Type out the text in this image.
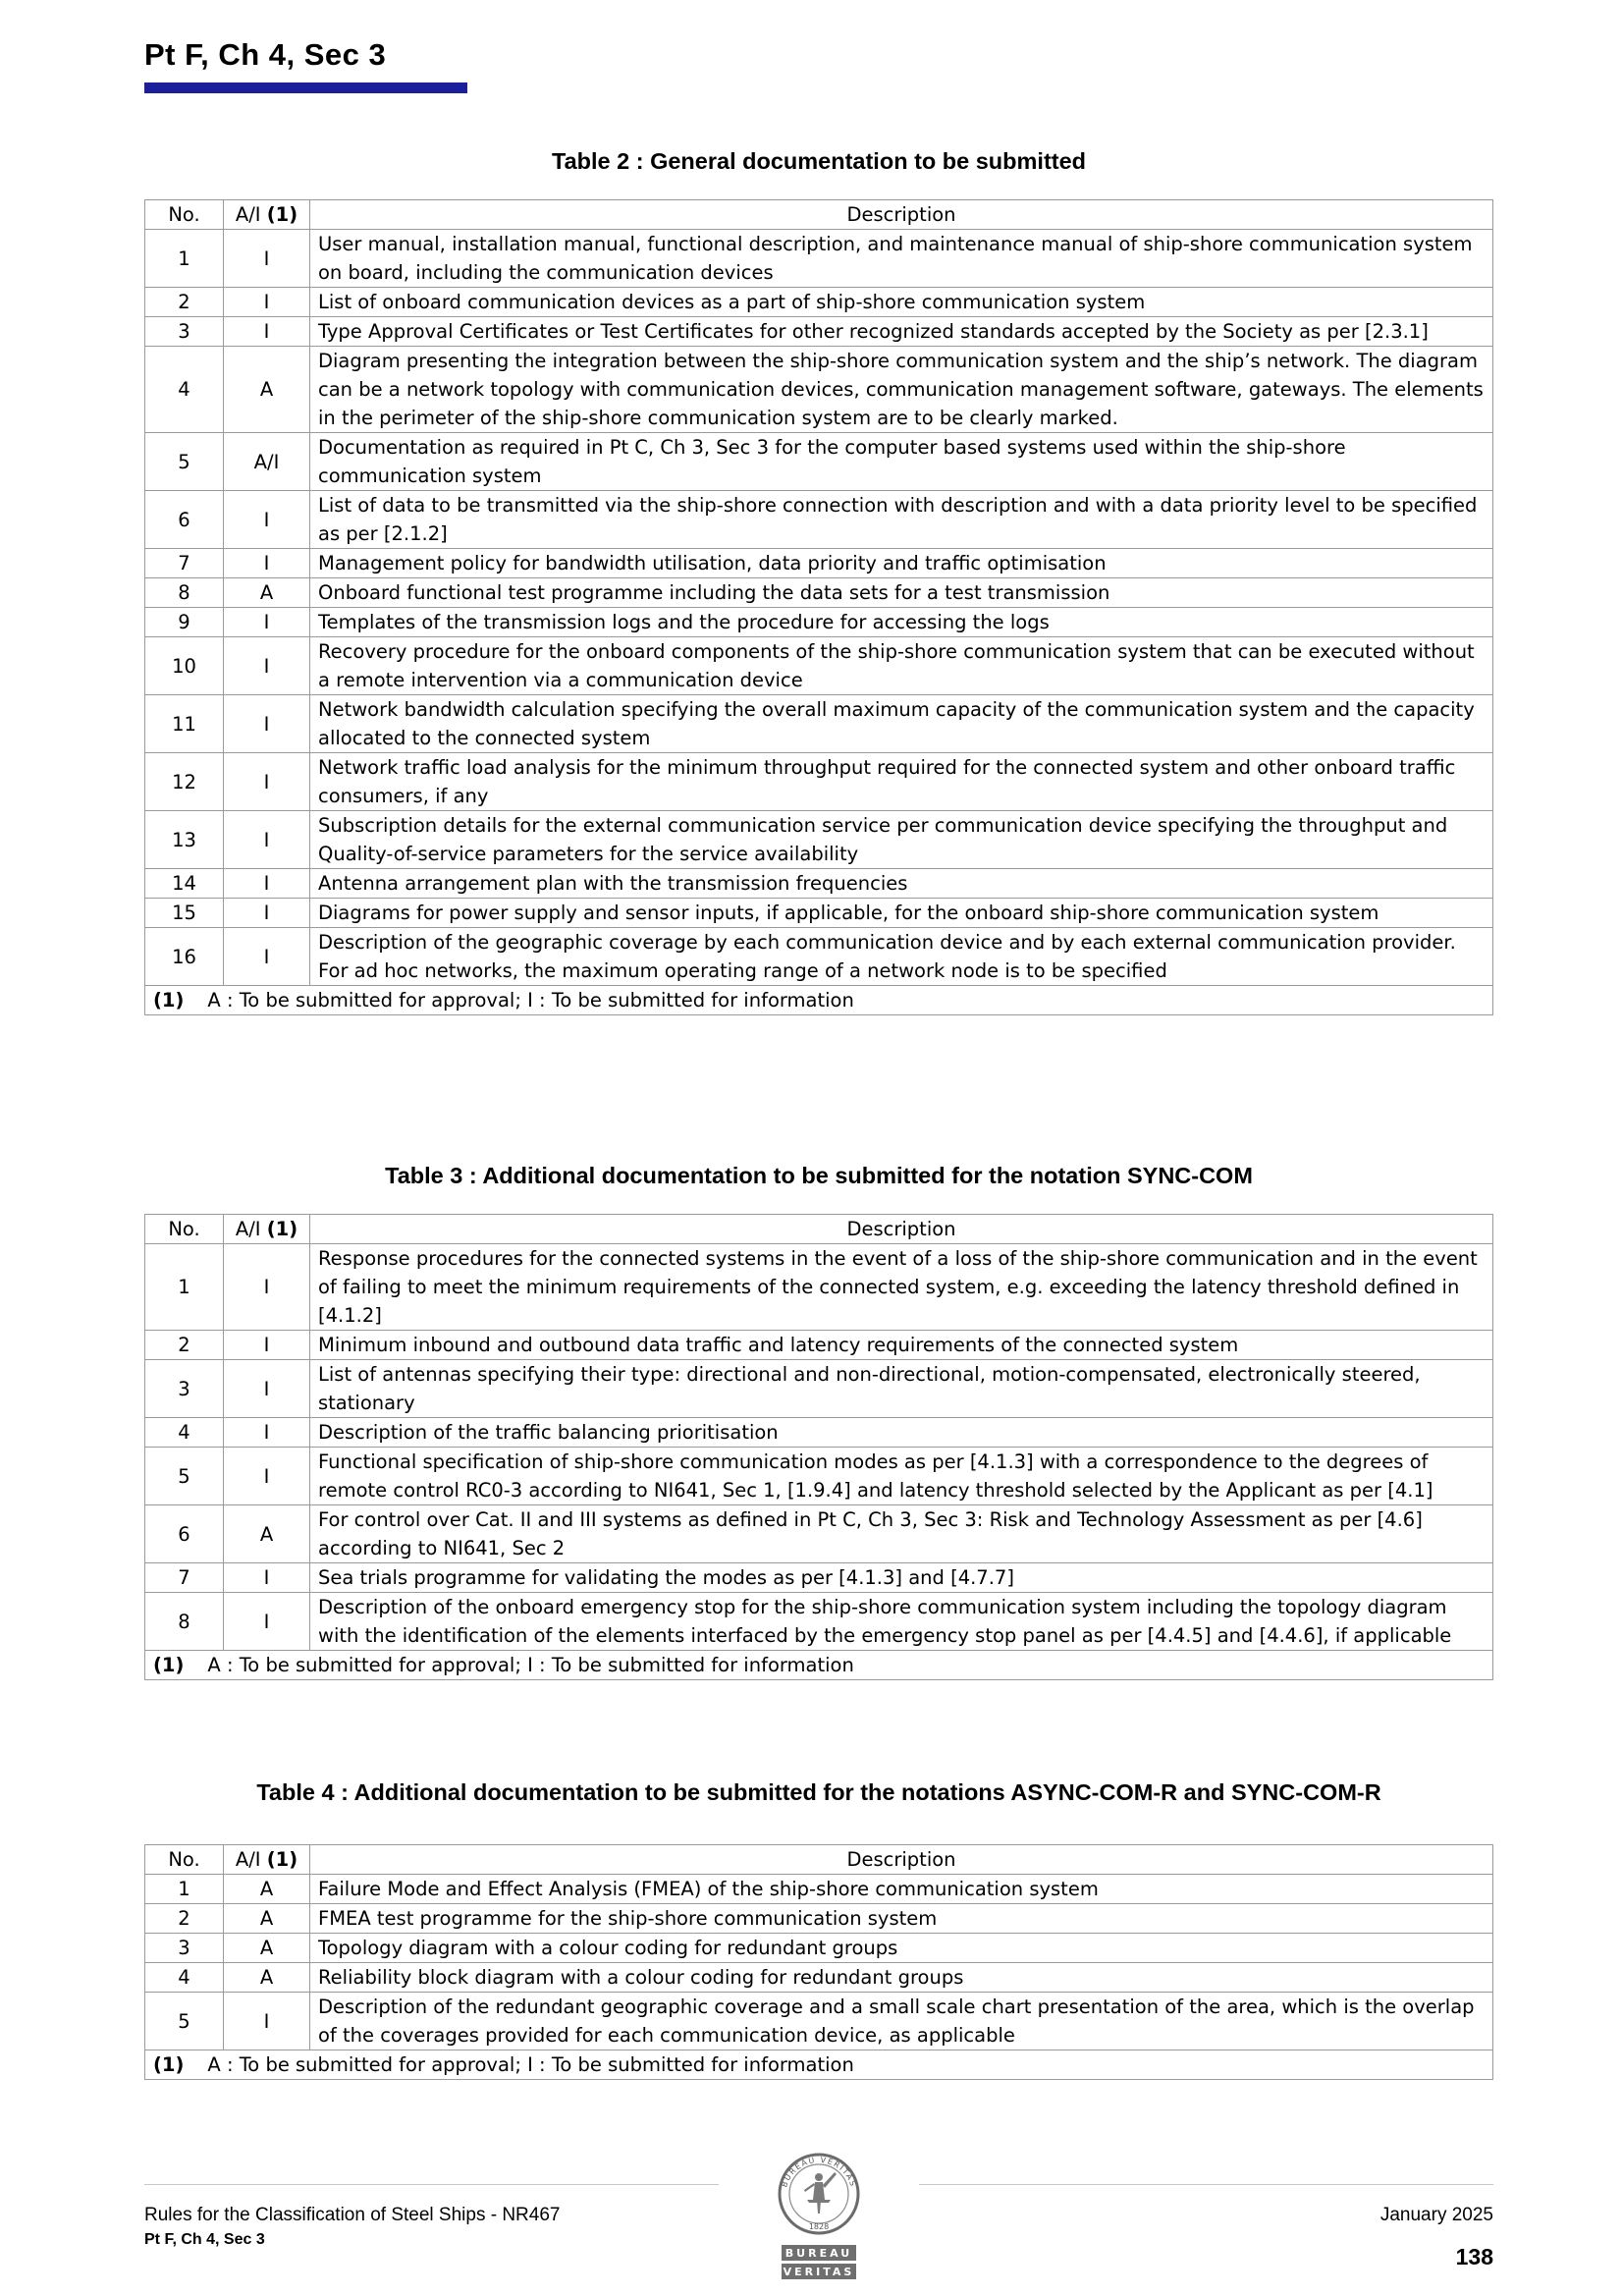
Pt F, Ch 4, Sec 3
Table 2 : General documentation to be submitted
No.	A/I (1)	Description
1	I	User manual, installation manual, functional description, and maintenance manual of ship-shore communication system on board, including the communication devices
2	I	List of onboard communication devices as a part of ship-shore communication system
3	I	Type Approval Certificates or Test Certificates for other recognized standards accepted by the Society as per [2.3.1]
4	A	Diagram presenting the integration between the ship-shore communication system and the ship’s network. The diagram can be a network topology with communication devices, communication management software, gateways. The elements in the perimeter of the ship-shore communication system are to be clearly marked.
5	A/I	Documentation as required in Pt C, Ch 3, Sec 3 for the computer based systems used within the ship-shore communication system
6	I	List of data to be transmitted via the ship-shore connection with description and with a data priority level to be specified as per [2.1.2]
7	I	Management policy for bandwidth utilisation, data priority and traffic optimisation
8	A	Onboard functional test programme including the data sets for a test transmission
9	I	Templates of the transmission logs and the procedure for accessing the logs
10	I	Recovery procedure for the onboard components of the ship-shore communication system that can be executed without a remote intervention via a communication device
11	I	Network bandwidth calculation specifying the overall maximum capacity of the communication system and the capacity allocated to the connected system
12	I	Network traffic load analysis for the minimum throughput required for the connected system and other onboard traffic consumers, if any
13	I	Subscription details for the external communication service per communication device specifying the throughput and Quality-of-service parameters for the service availability
14	I	Antenna arrangement plan with the transmission frequencies
15	I	Diagrams for power supply and sensor inputs, if applicable, for the onboard ship-shore communication system
16	I	Description of the geographic coverage by each communication device and by each external communication provider. For ad hoc networks, the maximum operating range of a network node is to be specified
(1) A : To be submitted for approval; I : To be submitted for information		
Table 3 : Additional documentation to be submitted for the notation SYNC-COM
No.	A/I (1)	Description
1	I	Response procedures for the connected systems in the event of a loss of the ship-shore communication and in the event of failing to meet the minimum requirements of the connected system, e.g. exceeding the latency threshold defined in [4.1.2]
2	I	Minimum inbound and outbound data traffic and latency requirements of the connected system
3	I	List of antennas specifying their type: directional and non-directional, motion-compensated, electronically steered, stationary
4	I	Description of the traffic balancing prioritisation
5	I	Functional specification of ship-shore communication modes as per [4.1.3] with a correspondence to the degrees of remote control RC0-3 according to NI641, Sec 1, [1.9.4] and latency threshold selected by the Applicant as per [4.1]
6	A	For control over Cat. II and III systems as defined in Pt C, Ch 3, Sec 3: Risk and Technology Assessment as per [4.6] according to NI641, Sec 2
7	I	Sea trials programme for validating the modes as per [4.1.3] and [4.7.7]
8	I	Description of the onboard emergency stop for the ship-shore communication system including the topology diagram with the identification of the elements interfaced by the emergency stop panel as per [4.4.5] and [4.4.6], if applicable
(1) A : To be submitted for approval; I : To be submitted for information		
Table 4 : Additional documentation to be submitted for the notations ASYNC-COM-R and SYNC-COM-R
No.	A/I (1)	Description
1	A	Failure Mode and Effect Analysis (FMEA) of the ship-shore communication system
2	A	FMEA test programme for the ship-shore communication system
3	A	Topology diagram with a colour coding for redundant groups
4	A	Reliability block diagram with a colour coding for redundant groups
5	I	Description of the redundant geographic coverage and a small scale chart presentation of the area, which is the overlap of the coverages provided for each communication device, as applicable
(1) A : To be submitted for approval; I : To be submitted for information		
Rules for the Classification of Steel Ships - NR467
Pt F, Ch 4, Sec 3
January 2025
138
BUREAU VERITAS
1828
BUREAU
VERITAS
